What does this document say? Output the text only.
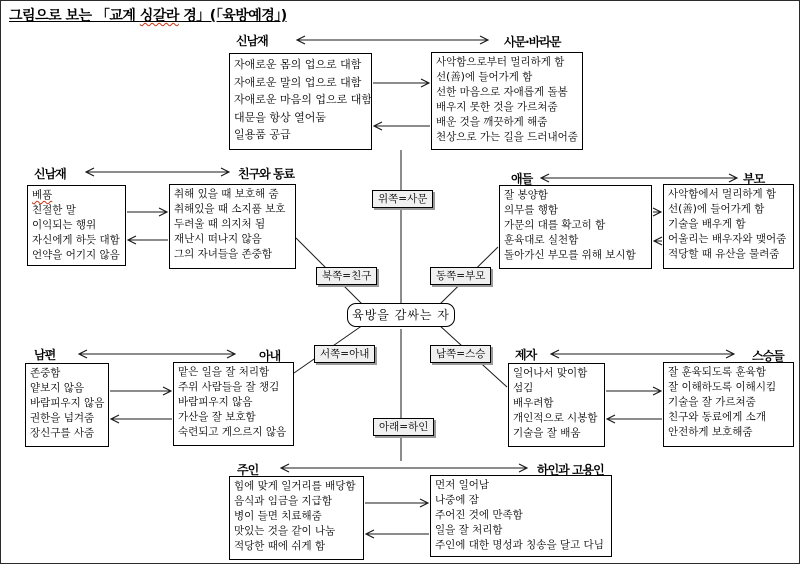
그림으로 보는 「교계 싱갈라 경」(「육방예경」)
육방을 감싸는 자
위쪽=사문
북쪽=친구	동쪽=부모
서쪽=아내	남쪽=스승
아래=하인
신남재	사문·바라문
자애로운 몸의 업으로 대함
자애로운 말의 업으로 대함
자애로운 마음의 업으로 대함
대문을 항상 열어둠
일용품 공급
사악함으로부터 멀리하게 함
선(善)에 들어가게 함
선한 마음으로 자애롭게 돌봄
배우지 못한 것을 가르쳐줌
배운 것을 깨끗하게 해줌
천상으로 가는 길을 드러내어줌
신남재	친구와 동료
베품
친절한 말
이익되는 행위
자신에게 하듯 대함
언약을 어기지 않음
취해 있을 때 보호해 줌
취해있을 때 소지품 보호
두려울 때 의지처 됨
재난시 떠나지 않음
그의 자녀들을 존중함
애들	부모
잘 봉양함
의무를 행함
가문의 대를 확고히 함
훈육대로 실천함
돌아가신 부모를 위해 보시함
사악함에서 멀리하게 함
선(善)에 들어가게 함
기술을 배우게 함
어울리는 배우자와 맺어줌
적당할 때 유산을 물려줌
남편	아내
존중함
얕보지 않음
바람피우지 않음
권한을 넘겨줌
장신구를 사줌
맡은 일을 잘 처리함
주위 사람들을 잘 챙김
바람피우지 않음
가산을 잘 보호함
숙련되고 게으르지 않음
제자	스승들
일어나서 맞이함
섬김
배우려함
개인적으로 시봉함
기술을 잘 배움
잘 훈육되도록 훈육함
잘 이해하도록 이해시킴
기술을 잘 가르쳐줌
친구와 동료에게 소개
안전하게 보호해줌
주인	하인과 고용인
힘에 맞게 일거리를 배당함
음식과 임금을 지급함
병이 들면 치료해줌
맛있는 것을 같이 나눔
적당한 때에 쉬게 함
먼저 일어남
나중에 잠
주어진 것에 만족함
일을 잘 처리함
주인에 대한 명성과 칭송을 달고 다님
